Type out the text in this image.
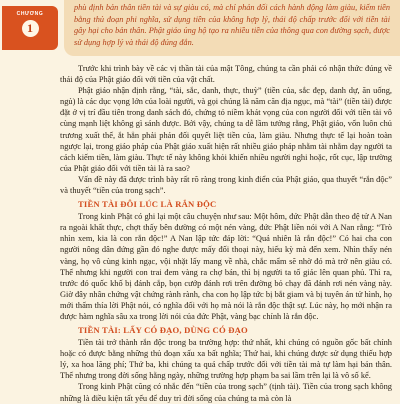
CHƯƠNG
1

phù định bản thân tiền tài và sự giàu có, mà chỉ phản đối cách hành động làm giàu, kiếm tiền bằng thủ đoạn phi nghĩa, sử dụng tiền của không hợp lý, thái độ chấp trước đối với tiền tài gây hại cho bản thân. Phật giáo ủng hộ tạo ra nhiều tiền của thông qua con đường sạch, được sử dụng hợp lý và thái độ đúng đắn.

Trước khi trình bày về các vị thần tài của mật Tông, chúng ta cần phải có nhận thức đúng về thái độ của Phật giáo đối với tiền của vật chất.

Phật giáo nhận định rằng, “tài, sắc, danh, thực, thuỳ” (tiền của, sắc đẹp, danh dự, ăn uống, ngủ) là các dục vọng lớn của loài người, và gọi chúng là năm căn địa ngục, mà “tài” (tiền tài) được đặt ở vị trí đầu tiên trong danh sách đó, chứng tỏ niềm khát vọng của con người đối với tiền tài vô cùng mạnh liệt không gì sánh được. Bởi vậy, chúng ta dễ lầm tưởng rằng, Phật giáo, vốn luôn chủ trương xuất thế, ắt hẳn phải phản đối quyết liệt tiền của, làm giàu. Nhưng thực tế lại hoàn toàn ngược lại, trong giáo pháp của Phật giáo xuất hiện rất nhiều giáo pháp nhằm tài nhằm dạy người ta cách kiếm tiền, làm giàu. Thực tế này không khỏi khiến nhiều người nghi hoặc, rốt cục, lập trường của Phật giáo đối với tiền tài là ra sao?

Vấn đề này đã được trình bày rất rõ ràng trong kinh điển của Phật giáo, qua thuyết “rắn độc” và thuyết “tiền của trong sạch”.

TIỀN TÀI ĐÔI LÚC LÀ RẮN ĐỘC

Trong kinh Phật có ghi lại một câu chuyện như sau: Một hôm, đức Phật dẫn theo đệ tử A Nan ra ngoài khất thực, chợt thấy bên đường có một nén vàng, đức Phật liền nói với A Nan rằng: “Trò nhìn xem, kia là con rắn độc!” A Nan lập tức đáp lời: “Quả nhiên là rắn độc!” Có hai cha con người nông dân đứng gần đó nghe được mấy đối thoại này, hiếu kỳ mà đến xem. Nhìn thấy nén vàng, họ vô cùng kinh ngạc, vội nhặt lấy mang về nhà, chắc mẩm sẽ nhờ đó mà trở nên giàu có. Thế nhưng khi người con trai đem vàng ra chợ bán, thì bị người ta tố giác lên quan phủ. Thì ra, trước đó quốc khố bị đánh cắp, bọn cướp đánh rơi trên đường bỏ chạy đã đánh rơi nén vàng này. Giờ đây nhân chứng vật chứng rành rành, cha con họ lập tức bị bắt giam và bị tuyên án tử hình, họ mới thấm thía lời Phật nói, có nghĩa đối với họ mà nói là rắn độc thật sự. Lúc này, họ mới nhận ra được hàm nghĩa sâu xa trong lời nói của đức Phật, vàng bạc chính là rắn độc.

TIỀN TÀI: LẤY CÓ ĐẠO, DÙNG CÓ ĐẠO

Tiền tài trở thành rắn độc trong ba trường hợp: thứ nhất, khi chúng có nguồn gốc bất chính hoặc có được bằng những thủ đoạn xấu xa bất nghĩa; Thứ hai, khi chúng được sử dụng thiếu hợp lý, xa hoa lãng phí; Thứ ba, khi chúng ta quá chấp trước đối với tiền tài mà tự làm hại bản thân. Thế nhưng trong đời sống hằng ngày, những trường hợp phạm ba sai lầm trên lại là vô số kể.

Trong kinh Phật cũng có nhắc đến “tiền của trong sạch” (tịnh tài). Tiền của trong sạch không những là điều kiện tất yếu để duy trì đời sống của chúng ta mà còn là
